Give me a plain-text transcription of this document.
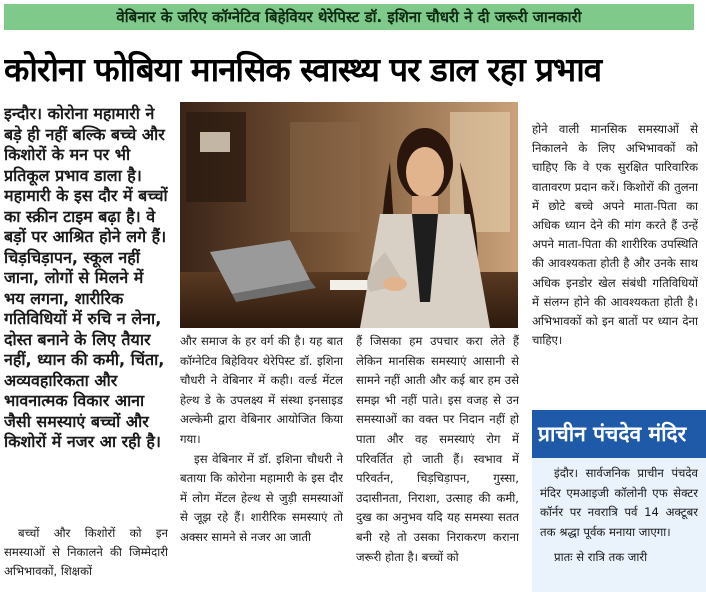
वेबिनार के जरिए कॉग्नेटिव बिहेवियर थेरेपिस्ट डॉ. इशिना चौधरी ने दी जरूरी जानकारी
कोरोना फोबिया मानसिक स्वास्थ्य पर डाल रहा प्रभाव
इन्दौर। कोरोना महामारी ने बड़े ही नहीं बल्कि बच्चे और किशोरों के मन पर भी प्रतिकूल प्रभाव डाला है। महामारी के इस दौर में बच्चों का स्क्रीन टाइम बढ़ा है। वे बड़ों पर आश्रित होने लगे हैं। चिड़चिड़ापन, स्कूल नहीं जाना, लोगों से मिलने में भय लगना, शारीरिक गतिविधियों में रुचि न लेना, दोस्त बनाने के लिए तैयार नहीं, ध्यान की कमी, चिंता, अव्यवहारिकता और भावनात्मक विकार आना जैसी समस्याएं बच्चों और किशोरों में नजर आ रही है।

बच्चों और किशोरों को इन समस्याओं से निकालने की जिम्मेदारी अभिभावकों, शिक्षकों

और समाज के हर वर्ग की है। यह बात कॉग्नेटिव बिहेवियर थेरेपिस्ट डॉ. इशिना चौधरी ने वेबिनार में कही। वर्ल्ड मेंटल हेल्थ डे के उपलक्ष्य में संस्था इनसाइड अल्केमी द्वारा वेबिनार आयोजित किया गया।

इस वेबिनार में डॉ. इशिना चौधरी ने बताया कि कोरोना महामारी के इस दौर में लोग मेंटल हेल्थ से जुड़ी समस्याओं से जूझ रहे हैं। शारीरिक समस्याएं तो अक्सर सामने से नजर आ जाती

हैं जिसका हम उपचार करा लेते हैं लेकिन मानसिक समस्याएं आसानी से सामने नहीं आती और कई बार हम उसे समझ भी नहीं पाते। इस वजह से उन समस्याओं का वक्त पर निदान नहीं हो पाता और वह समस्याएं रोग में परिवर्तित हो जाती हैं। स्वभाव में परिवर्तन, चिड़चिड़ापन, गुस्सा, उदासीनता, निराशा, उत्साह की कमी, दुख का अनुभव यदि यह समस्या सतत बनी रहे तो उसका निराकरण कराना जरूरी होता है। बच्चों को

होने वाली मानसिक समस्याओं से निकालने के लिए अभिभावकों को चाहिए कि वे एक सुरक्षित पारिवारिक वातावरण प्रदान करें। किशोरों की तुलना में छोटे बच्चे अपने माता-पिता का अधिक ध्यान देने की मांग करते हैं उन्हें अपने माता-पिता की शारीरिक उपस्थिति की आवश्यकता होती है और उनके साथ अधिक इनडोर खेल संबंधी गतिविधियों में संलग्न होने की आवश्यकता होती है। अभिभावकों को इन बातों पर ध्यान देना चाहिए।

प्राचीन पंचदेव मंदिर

इंदौर। सार्वजनिक प्राचीन पंचदेव मंदिर एमआइजी कॉलोनी एफ सेक्टर कॉर्नर पर नवरात्रि पर्व 14 अक्टूबर तक श्रद्धा पूर्वक मनाया जाएगा।

प्रातः से रात्रि तक जारी
